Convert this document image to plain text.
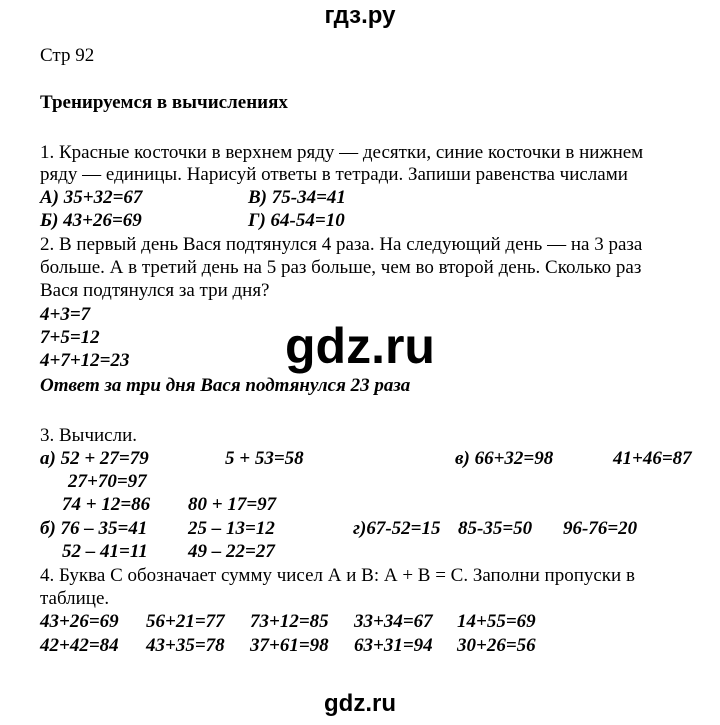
гдз.ру
Стр 92
Тренируемся в вычислениях
1. Красные косточки в верхнем ряду — десятки, синие косточки в нижнем
ряду — единицы. Нарисуй ответы в тетради. Запиши равенства числами
А) 35+32=67	В) 75-34=41
Б) 43+26=69	Г) 64-54=10
2. В первый день Вася подтянулся 4 раза. На следующий день — на 3 раза
больше. А в третий день на 5 раз больше, чем во второй день. Сколько раз
Вася подтянулся за три дня?
4+3=7
7+5=12
4+7+12=23
Ответ за три дня Вася подтянулся 23 раза
gdz.ru
3. Вычисли.
а) 52 + 27=79	5 + 53=58	в) 66+32=98	41+46=87
27+70=97
74 + 12=86 80 + 17=97
б) 76 – 35=41 25 – 13=12	г)67-52=15 85-35=50 96-76=20
52 – 41=11 49 – 22=27
4. Буква С обозначает сумму чисел А и В: А + В = С. Заполни пропуски в
таблице.
43+26=69 56+21=77 73+12=85 33+34=67 14+55=69
42+42=84 43+35=78 37+61=98 63+31=94 30+26=56
gdz.ru
